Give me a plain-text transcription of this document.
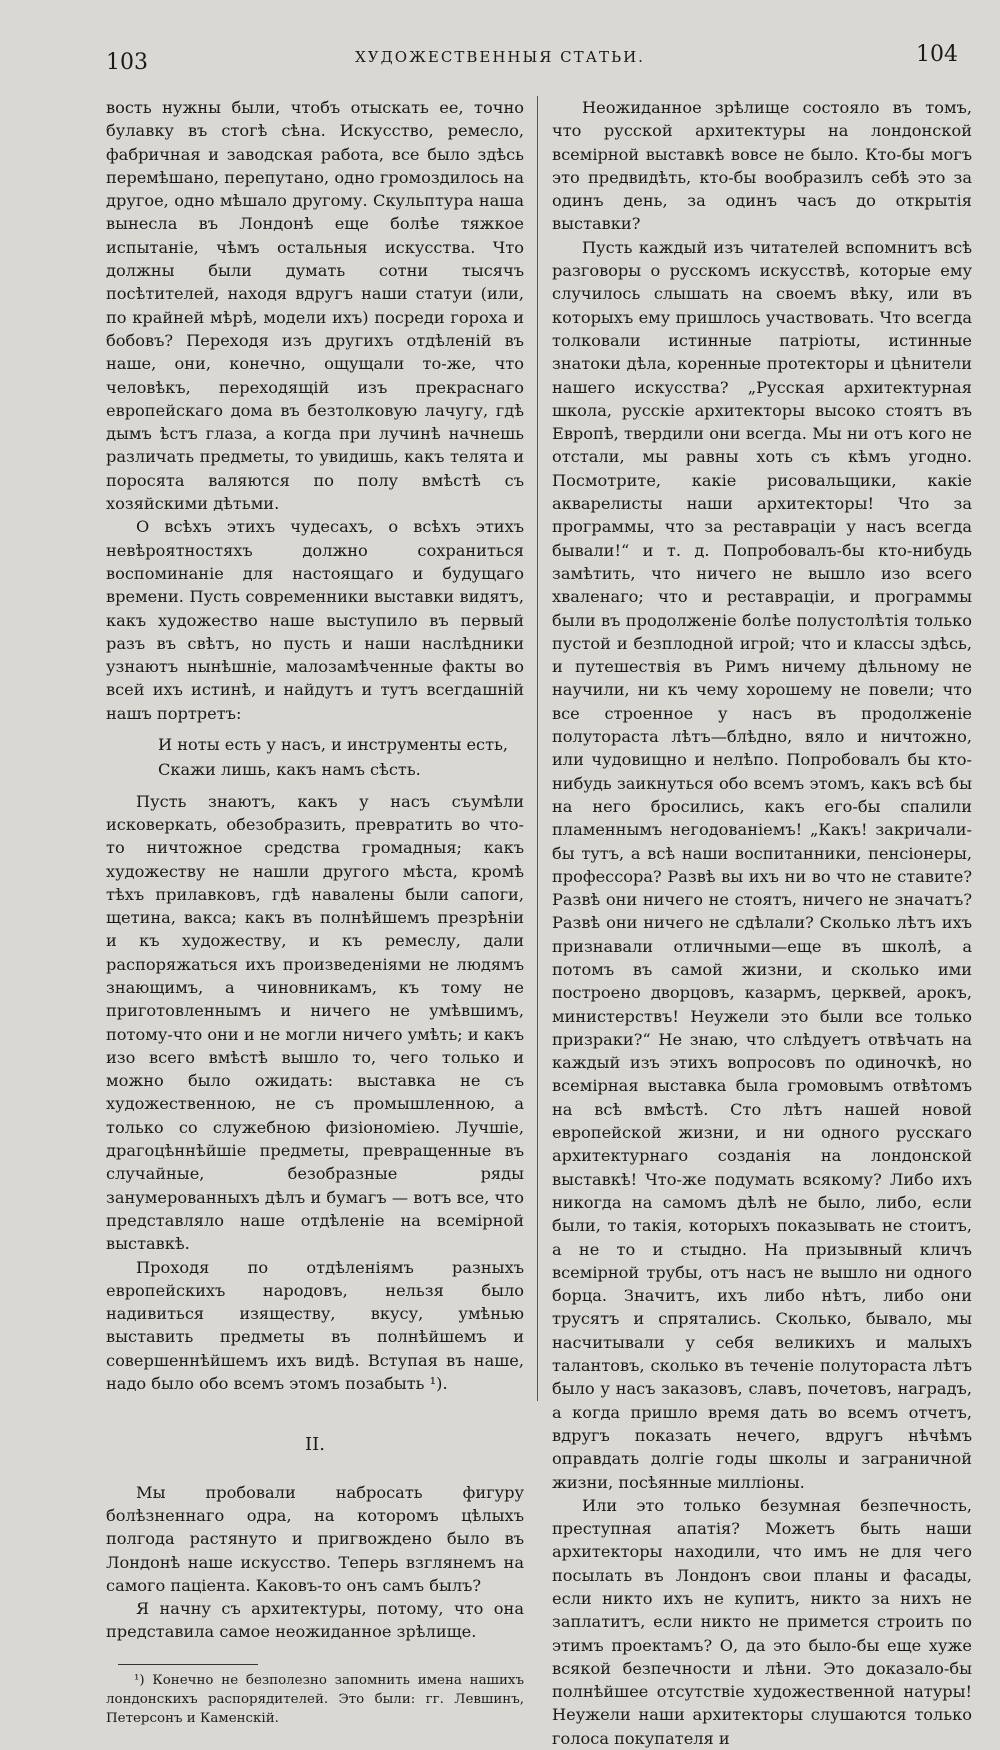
103	ХУДОЖЕСТВЕННЫЯ СТАТЬИ.	104

вость нужны были, чтобъ отыскать ее, точно булавку въ стогѣ сѣна. Искусство, ремесло, фабричная и заводская работа, все было здѣсь перемѣшано, перепутано, одно громоздилось на другое, одно мѣшало другому. Скульптура наша вынесла въ Лондонѣ еще болѣе тяжкое испытаніе, чѣмъ остальныя искусства. Что должны были думать сотни тысячъ посѣтителей, находя вдругъ наши статуи (или, по крайней мѣрѣ, модели ихъ) посреди гороха и бобовъ? Переходя изъ другихъ отдѣленій въ наше, они, конечно, ощущали то-же, что человѣкъ, переходящій изъ прекраснаго европейскаго дома въ безтолковую лачугу, гдѣ дымъ ѣстъ глаза, а когда при лучинѣ начнешь различать предметы, то увидишь, какъ телята и поросята валяются по полу вмѣстѣ съ хозяйскими дѣтьми.

О всѣхъ этихъ чудесахъ, о всѣхъ этихъ невѣроятностяхъ должно сохраниться воспоминаніе для настоящаго и будущаго времени. Пусть современники выставки видятъ, какъ художество наше выступило въ первый разъ въ свѣтъ, но пусть и наши наслѣдники узнаютъ нынѣшніе, малозамѣченные факты во всей ихъ истинѣ, и найдутъ и тутъ всегдашній нашъ портретъ:

И ноты есть у насъ, и инструменты есть,
Скажи лишь, какъ намъ сѣсть.

Пусть знаютъ, какъ у насъ съумѣли исковеркать, обезобразить, превратить во что-то ничтожное средства громадныя; какъ художеству не нашли другого мѣста, кромѣ тѣхъ прилавковъ, гдѣ навалены были сапоги, щетина, вакса; какъ въ полнѣйшемъ презрѣніи и къ художеству, и къ ремеслу, дали распоряжаться ихъ произведеніями не людямъ знающимъ, а чиновникамъ, къ тому не приготовленнымъ и ничего не умѣвшимъ, потому-что они и не могли ничего умѣть; и какъ изо всего вмѣстѣ вышло то, чего только и можно было ожидать: выставка не съ художественною, не съ промышленною, а только со служебною физіономіею. Лучшіе, драгоцѣннѣйшіе предметы, превращенные въ случайные, безобразные ряды занумерованныхъ дѣлъ и бумагъ — вотъ все, что представляло наше отдѣленіе на всемірной выставкѣ.

Проходя по отдѣленіямъ разныхъ европейскихъ народовъ, нельзя было надивиться изяществу, вкусу, умѣнью выставить предметы въ полнѣйшемъ и совершеннѣйшемъ ихъ видѣ. Вступая въ наше, надо было обо всемъ этомъ позабыть ¹).

II.

Мы пробовали набросать фигуру болѣзненнаго одра, на которомъ цѣлыхъ полгода растянуто и пригвождено было въ Лондонѣ наше искусство. Теперь взглянемъ на самого паціента. Каковъ-то онъ самъ былъ?

Я начну съ архитектуры, потому, что она представила самое неожиданное зрѣлище.

¹) Конечно не безполезно запомнить имена нашихъ лондонскихъ распорядителей. Это были: гг. Левшинъ, Петерсонъ и Каменскій.

Неожиданное зрѣлище состояло въ томъ, что русской архитектуры на лондонской всемірной выставкѣ вовсе не было. Кто-бы могъ это предвидѣть, кто-бы вообразилъ себѣ это за одинъ день, за одинъ часъ до открытія выставки?

Пусть каждый изъ читателей вспомнитъ всѣ разговоры о русскомъ искусствѣ, которые ему случилось слышать на своемъ вѣку, или въ которыхъ ему пришлось участвовать. Что всегда толковали истинные патріоты, истинные знатоки дѣла, коренные протекторы и цѣнители нашего искусства? „Русская архитектурная школа, русскіе архитекторы высоко стоятъ въ Европѣ, твердили они всегда. Мы ни отъ кого не отстали, мы равны хоть съ кѣмъ угодно. Посмотрите, какіе рисовальщики, какіе акварелисты наши архитекторы! Что за программы, что за реставраціи у насъ всегда бывали!“ и т. д. Попробовалъ-бы кто-нибудь замѣтить, что ничего не вышло изо всего хваленаго; что и реставраціи, и программы были въ продолженіе болѣе полустолѣтія только пустой и безплодной игрой; что и классы здѣсь, и путешествія въ Римъ ничему дѣльному не научили, ни къ чему хорошему не повели; что все строенное у насъ въ продолженіе полутораста лѣтъ—блѣдно, вяло и ничтожно, или чудовищно и нелѣпо. Попробовалъ бы кто-нибудь заикнуться обо всемъ этомъ, какъ всѣ бы на него бросились, какъ его-бы спалили пламеннымъ негодованіемъ! „Какъ! закричали-бы тутъ, а всѣ наши воспитанники, пенсіонеры, профессора? Развѣ вы ихъ ни во что не ставите? Развѣ они ничего не стоятъ, ничего не значатъ? Развѣ они ничего не сдѣлали? Сколько лѣтъ ихъ признавали отличными—еще въ школѣ, а потомъ въ самой жизни, и сколько ими построено дворцовъ, казармъ, церквей, арокъ, министерствъ! Неужели это были все только призраки?“ Не знаю, что слѣдуетъ отвѣчать на каждый изъ этихъ вопросовъ по одиночкѣ, но всемірная выставка была громовымъ отвѣтомъ на всѣ вмѣстѣ. Сто лѣтъ нашей новой европейской жизни, и ни одного русскаго архитектурнаго созданія на лондонской выставкѣ! Что-же подумать всякому? Либо ихъ никогда на самомъ дѣлѣ не было, либо, если были, то такія, которыхъ показывать не стоитъ, а не то и стыдно. На призывный кличъ всемірной трубы, отъ насъ не вышло ни одного борца. Значитъ, ихъ либо нѣтъ, либо они трусятъ и спрятались. Сколько, бывало, мы насчитывали у себя великихъ и малыхъ талантовъ, сколько въ теченіе полутораста лѣтъ было у насъ заказовъ, славъ, почетовъ, наградъ, а когда пришло время дать во всемъ отчетъ, вдругъ показать нечего, вдругъ нѣчѣмъ оправдать долгіе годы школы и заграничной жизни, посѣянные милліоны.

Или это только безумная безпечность, преступная апатія? Можетъ быть наши архитекторы находили, что имъ не для чего посылать въ Лондонъ свои планы и фасады, если никто ихъ не купитъ, никто за нихъ не заплатитъ, если никто не примется строить по этимъ проектамъ? О, да это было-бы еще хуже всякой безпечности и лѣни. Это доказало-бы полнѣйшее отсутствіе художественной натуры! Неужели наши архитекторы слушаются только голоса покупателя и
